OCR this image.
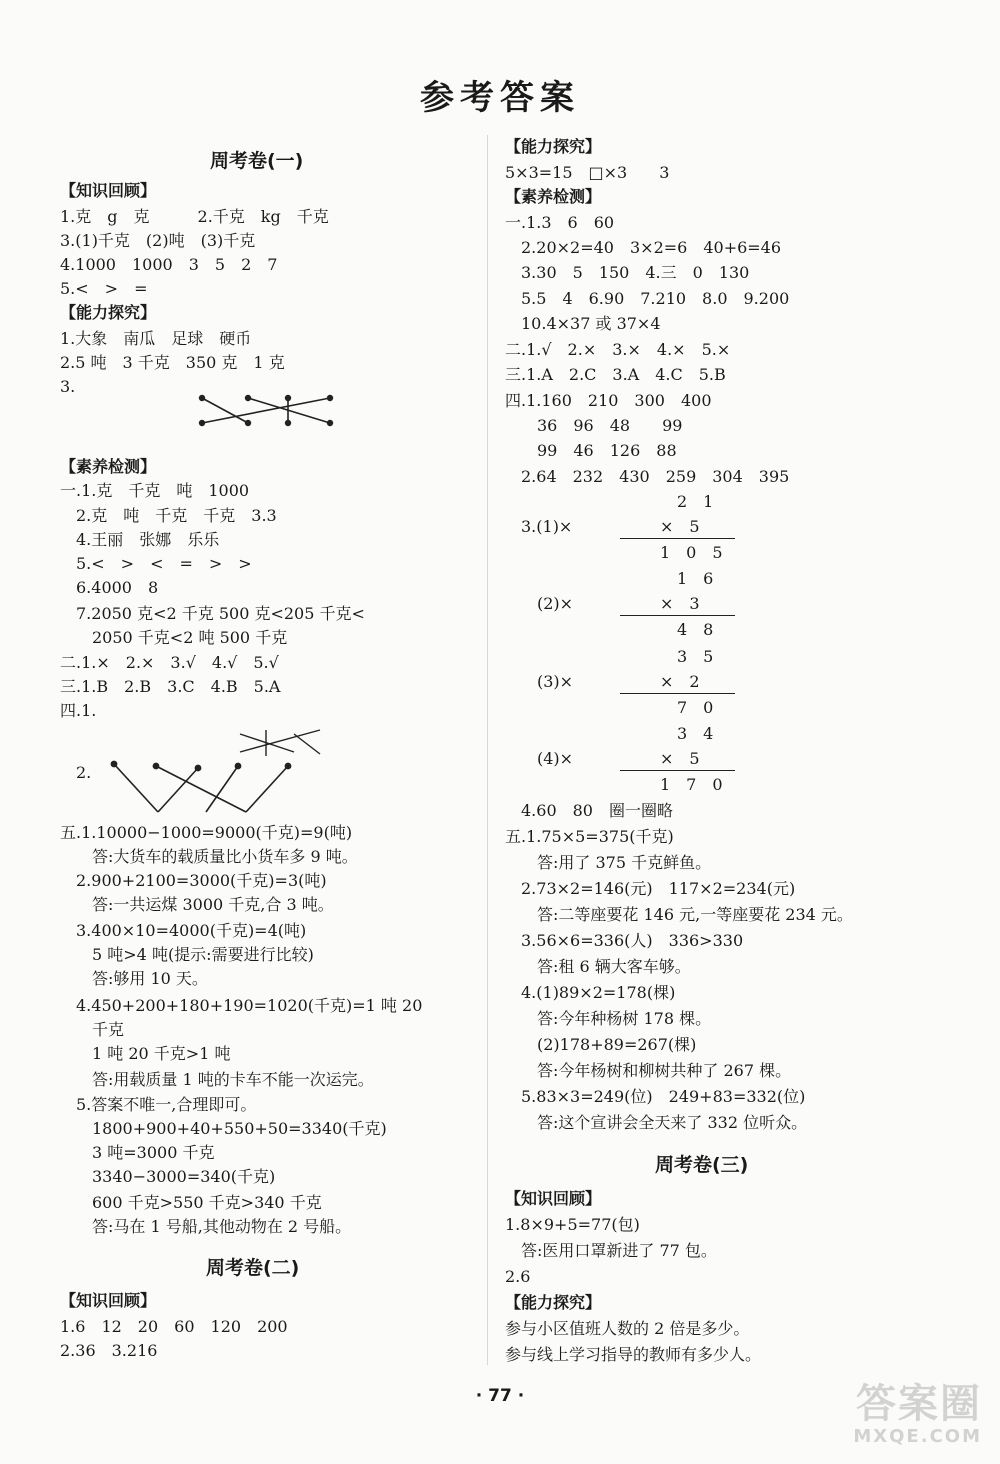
参考答案
周考卷(一)
【知识回顾】
1.克　g　克　　　2.千克　kg　千克
3.(1)千克　(2)吨　(3)千克
4.1000　1000　3　5　2　7
5.<　>　=
【能力探究】
1.大象　南瓜　足球　硬币
2.5 吨　3 千克　350 克　1 克
3.
【素养检测】
一.1.克　千克　吨　1000
　2.克　吨　千克　千克　3.3
　4.王丽　张娜　乐乐
　5.<　>　<　=　>　>
　6.4000　8
　7.2050 克<2 千克 500 克<205 千克<
　　2050 千克<2 吨 500 千克
二.1.×　2.×　3.√　4.√　5.√
三.1.B　2.B　3.C　4.B　5.A
四.1.
　2.
五.1.10000−1000=9000(千克)=9(吨)
　　答:大货车的载质量比小货车多 9 吨。
　2.900+2100=3000(千克)=3(吨)
　　答:一共运煤 3000 千克,合 3 吨。
　3.400×10=4000(千克)=4(吨)
　　5 吨>4 吨(提示:需要进行比较)
　　答:够用 10 天。
　4.450+200+180+190=1020(千克)=1 吨 20
　　千克
　　1 吨 20 千克>1 吨
　　答:用载质量 1 吨的卡车不能一次运完。
　5.答案不唯一,合理即可。
　　1800+900+40+550+50=3340(千克)
　　3 吨=3000 千克
　　3340−3000=340(千克)
　　600 千克>550 千克>340 千克
　　答:马在 1 号船,其他动物在 2 号船。
周考卷(二)
【知识回顾】
1.6　12　20　60　120　200
2.36　3.216
【能力探究】
5×3=15　□×3　　3
【素养检测】
一.1.3　6　60
　2.20×2=40　3×2=6　40+6=46
　3.30　5　150　4.三　0　130
　5.5　4　6.90　7.210　8.0　9.200
　10.4×37 或 37×4
二.1.√　2.×　3.×　4.×　5.×
三.1.A　2.C　3.A　4.C　5.B
四.1.160　210　300　400
　　36　96　48　　99
　　99　46　126　88
　2.64　232　430　259　304　395
2　1
　3.(1)×	×　5
1　0　5
1　6
　　(2)×	×　3
4　8
3　5
　　(3)×	×　2
7　0
3　4
　　(4)×	×　5
1　7　0
　4.60　80　圈一圈略
五.1.75×5=375(千克)
　　答:用了 375 千克鲜鱼。
　2.73×2=146(元)　117×2=234(元)
　　答:二等座要花 146 元,一等座要花 234 元。
　3.56×6=336(人)　336>330
　　答:租 6 辆大客车够。
　4.(1)89×2=178(棵)
　　答:今年种杨树 178 棵。
　　(2)178+89=267(棵)
　　答:今年杨树和柳树共种了 267 棵。
　5.83×3=249(位)　249+83=332(位)
　　答:这个宣讲会全天来了 332 位听众。
周考卷(三)
【知识回顾】
1.8×9+5=77(包)
　答:医用口罩新进了 77 包。
2.6
【能力探究】
参与小区值班人数的 2 倍是多少。
参与线上学习指导的教师有多少人。
· 77 ·	答案圈
MXQE.COM
